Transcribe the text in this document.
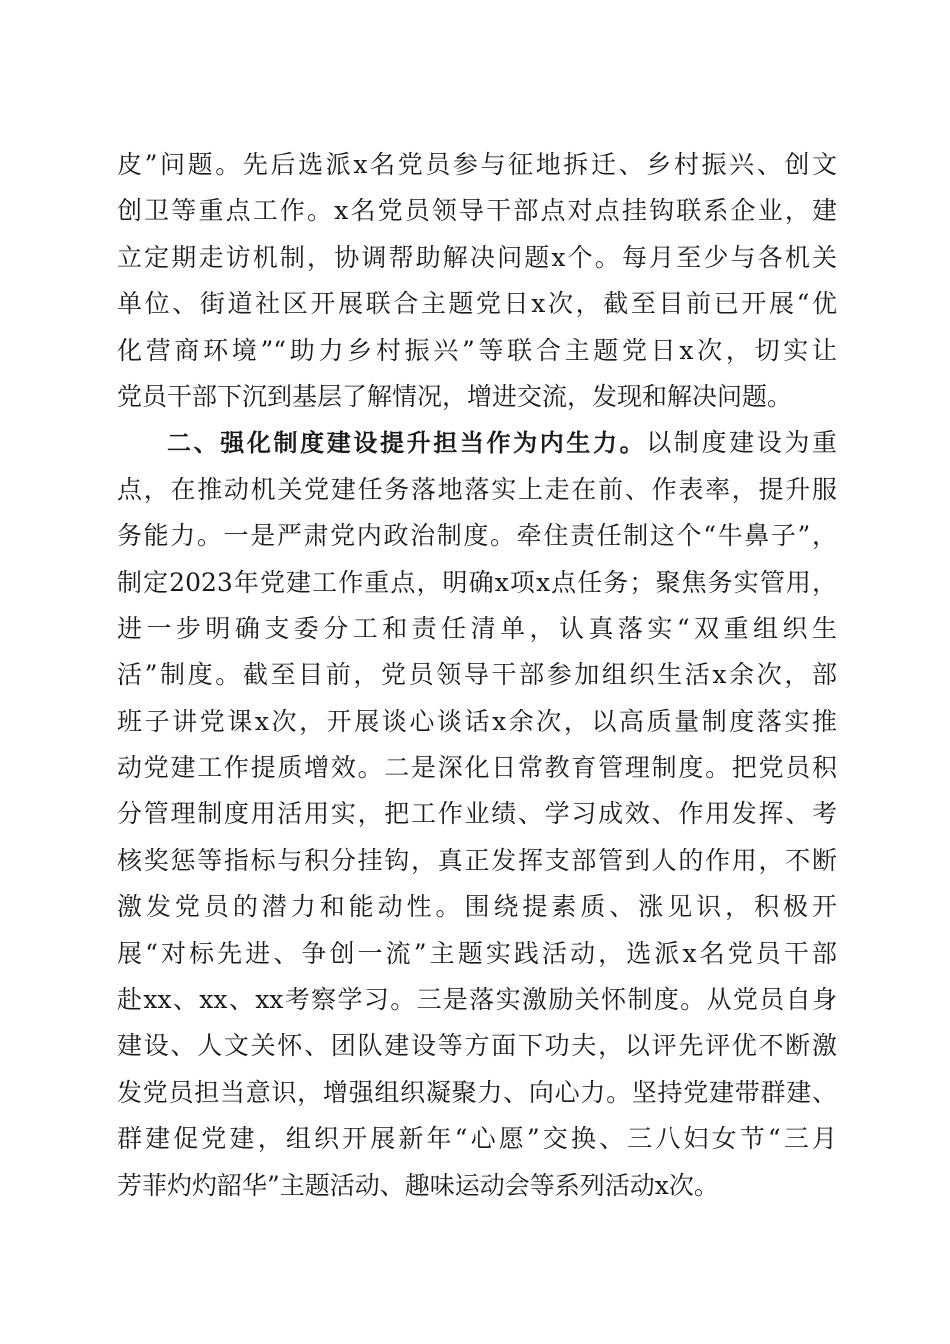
皮”问题。先后选派x名党员参与征地拆迁、乡村振兴、创文
创卫等重点工作。x名党员领导干部点对点挂钩联系企业，建
立定期走访机制，协调帮助解决问题x个。每月至少与各机关
单位、街道社区开展联合主题党日x次，截至目前已开展“优
化营商环境”“助力乡村振兴”等联合主题党日x次，切实让
党员干部下沉到基层了解情况，增进交流，发现和解决问题。
二、强化制度建设提升担当作为内生力。以制度建设为重
点，在推动机关党建任务落地落实上走在前、作表率，提升服
务能力。一是严肃党内政治制度。牵住责任制这个“牛鼻子”，
制定2023年党建工作重点，明确x项x点任务；聚焦务实管用，
进一步明确支委分工和责任清单，认真落实“双重组织生
活”制度。截至目前，党员领导干部参加组织生活x余次，部
班子讲党课x次，开展谈心谈话x余次，以高质量制度落实推
动党建工作提质增效。二是深化日常教育管理制度。把党员积
分管理制度用活用实，把工作业绩、学习成效、作用发挥、考
核奖惩等指标与积分挂钩，真正发挥支部管到人的作用，不断
激发党员的潜力和能动性。围绕提素质、涨见识，积极开
展“对标先进、争创一流”主题实践活动，选派x名党员干部
赴xx、xx、xx考察学习。三是落实激励关怀制度。从党员自身
建设、人文关怀、团队建设等方面下功夫，以评先评优不断激
发党员担当意识，增强组织凝聚力、向心力。坚持党建带群建、
群建促党建，组织开展新年“心愿”交换、三八妇女节“三月
芳菲灼灼韶华”主题活动、趣味运动会等系列活动x次。
